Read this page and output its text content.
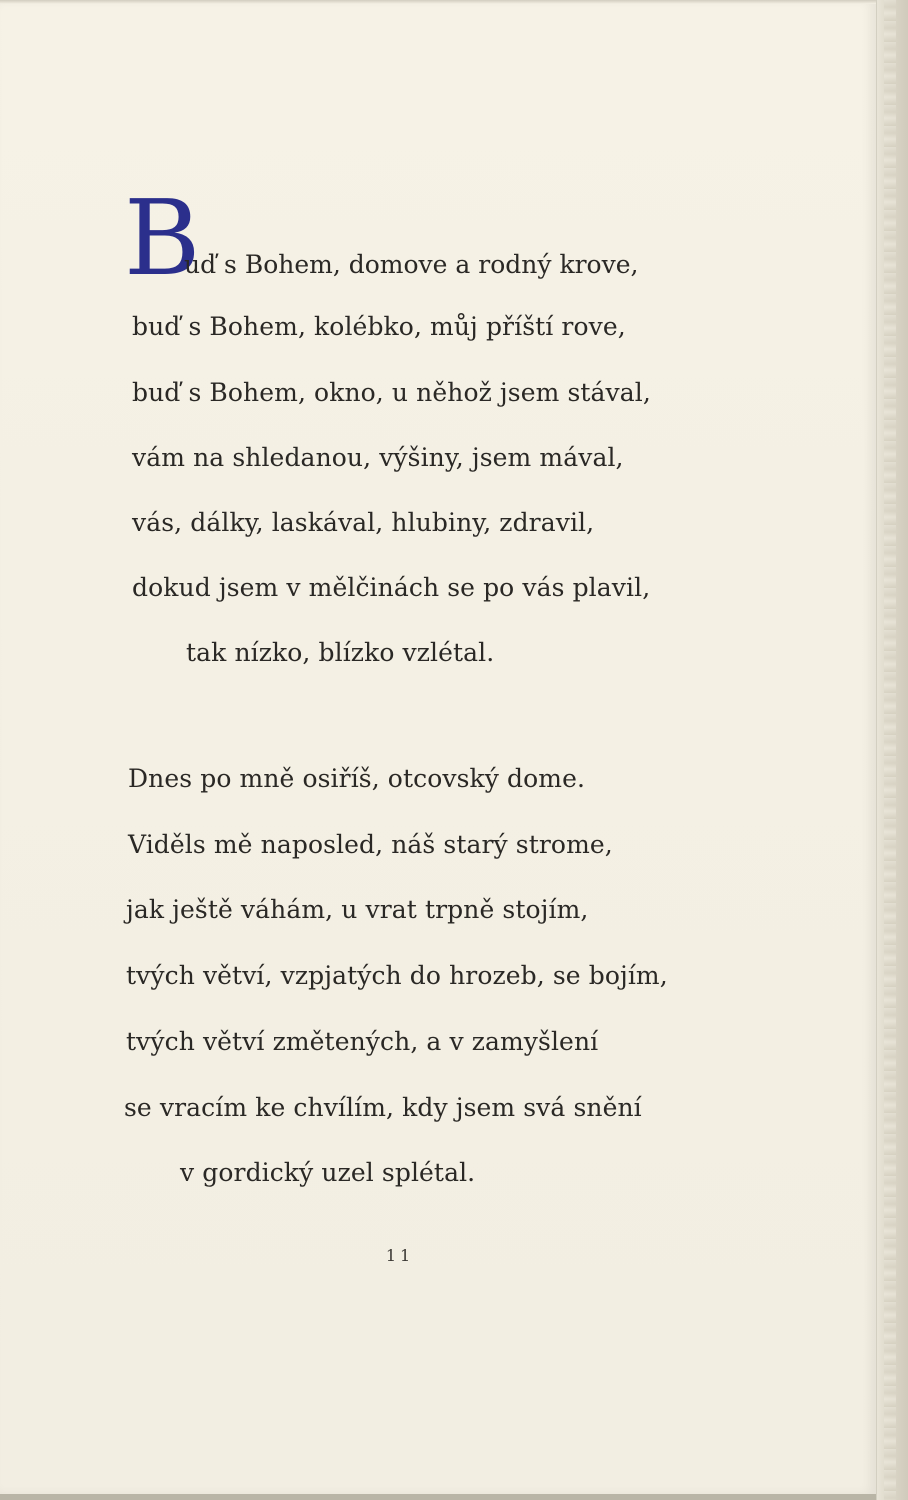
B
uď s Bohem, domove a rodný krove,
buď s Bohem, kolébko, můj příští rove,
buď s Bohem, okno, u něhož jsem stával,
vám na shledanou, výšiny, jsem mával,
vás, dálky, laskával, hlubiny, zdravil,
dokud jsem v mělčinách se po vás plavil,
tak nízko, blízko vzlétal.
Dnes po mně osiříš, otcovský dome.
Viděls mě naposled, náš starý strome,
jak ještě váhám, u vrat trpně stojím,
tvých větví, vzpjatých do hrozeb, se bojím,
tvých větví změtených, a v zamyšlení
se vracím ke chvílím, kdy jsem svá snění
v gordický uzel splétal.
11
